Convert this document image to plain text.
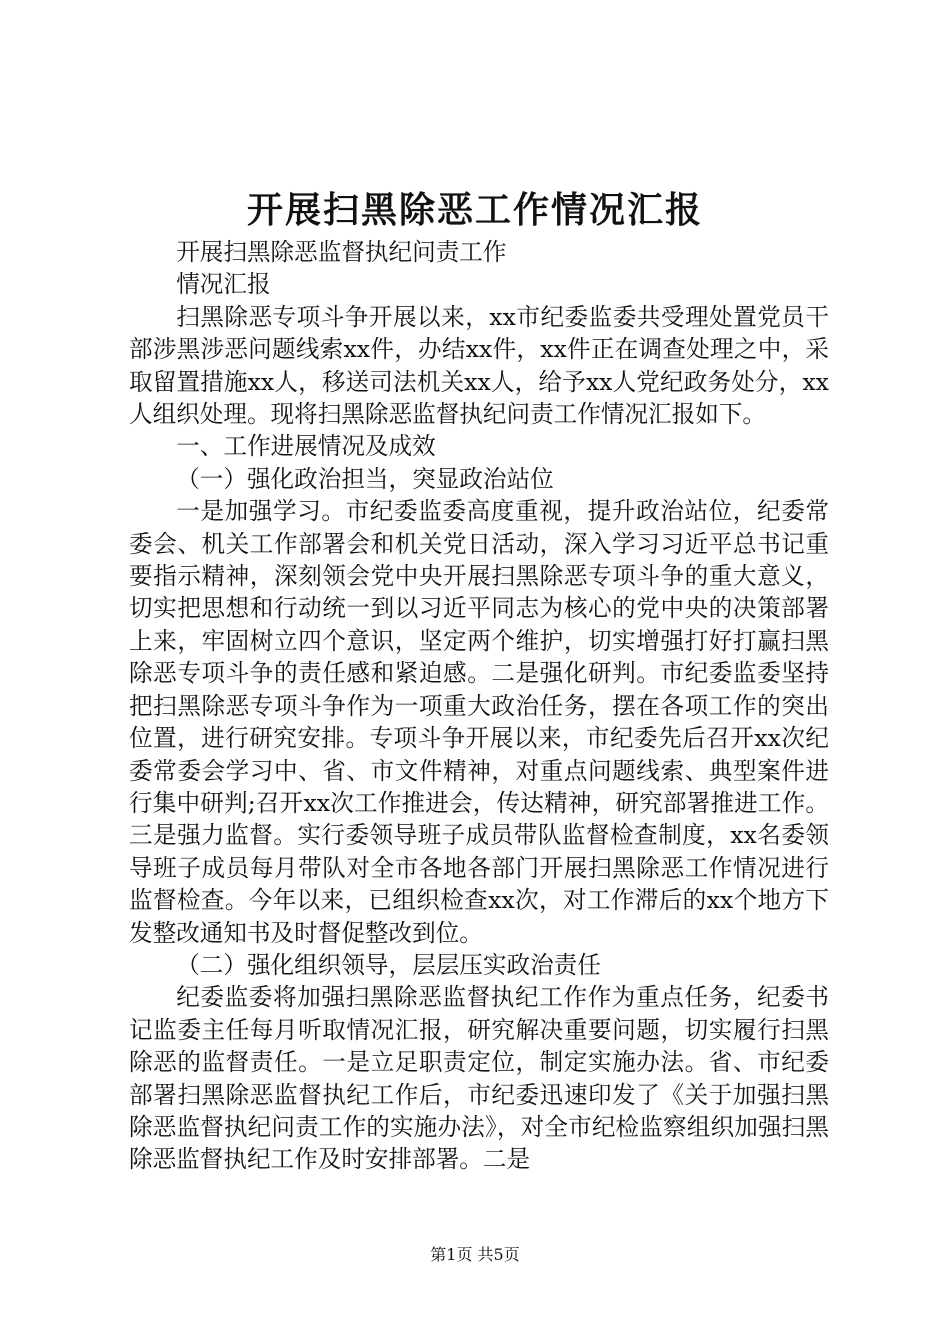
开展扫黑除恶工作情况汇报

开展扫黑除恶监督执纪问责工作

情况汇报

扫黑除恶专项斗争开展以来，xx市纪委监委共受理处置党员干部涉黑涉恶问题线索xx件，办结xx件，xx件正在调查处理之中，采取留置措施xx人，移送司法机关xx人，给予xx人党纪政务处分，xx人组织处理。现将扫黑除恶监督执纪问责工作情况汇报如下。

一、工作进展情况及成效

（一）强化政治担当，突显政治站位

一是加强学习。市纪委监委高度重视，提升政治站位，纪委常委会、机关工作部署会和机关党日活动，深入学习习近平总书记重要指示精神，深刻领会党中央开展扫黑除恶专项斗争的重大意义，切实把思想和行动统一到以习近平同志为核心的党中央的决策部署上来，牢固树立四个意识，坚定两个维护，切实增强打好打赢扫黑除恶专项斗争的责任感和紧迫感。二是强化研判。市纪委监委坚持把扫黑除恶专项斗争作为一项重大政治任务，摆在各项工作的突出位置，进行研究安排。专项斗争开展以来，市纪委先后召开xx次纪委常委会学习中、省、市文件精神，对重点问题线索、典型案件进行集中研判;召开xx次工作推进会，传达精神，研究部署推进工作。三是强力监督。实行委领导班子成员带队监督检查制度，xx名委领导班子成员每月带队对全市各地各部门开展扫黑除恶工作情况进行监督检查。今年以来，已组织检查xx次，对工作滞后的xx个地方下发整改通知书及时督促整改到位。

（二）强化组织领导，层层压实政治责任

纪委监委将加强扫黑除恶监督执纪工作作为重点任务，纪委书记监委主任每月听取情况汇报，研究解决重要问题，切实履行扫黑除恶的监督责任。一是立足职责定位，制定实施办法。省、市纪委部署扫黑除恶监督执纪工作后，市纪委迅速印发了《关于加强扫黑除恶监督执纪问责工作的实施办法》，对全市纪检监察组织加强扫黑除恶监督执纪工作及时安排部署。二是

第1页 共5页
